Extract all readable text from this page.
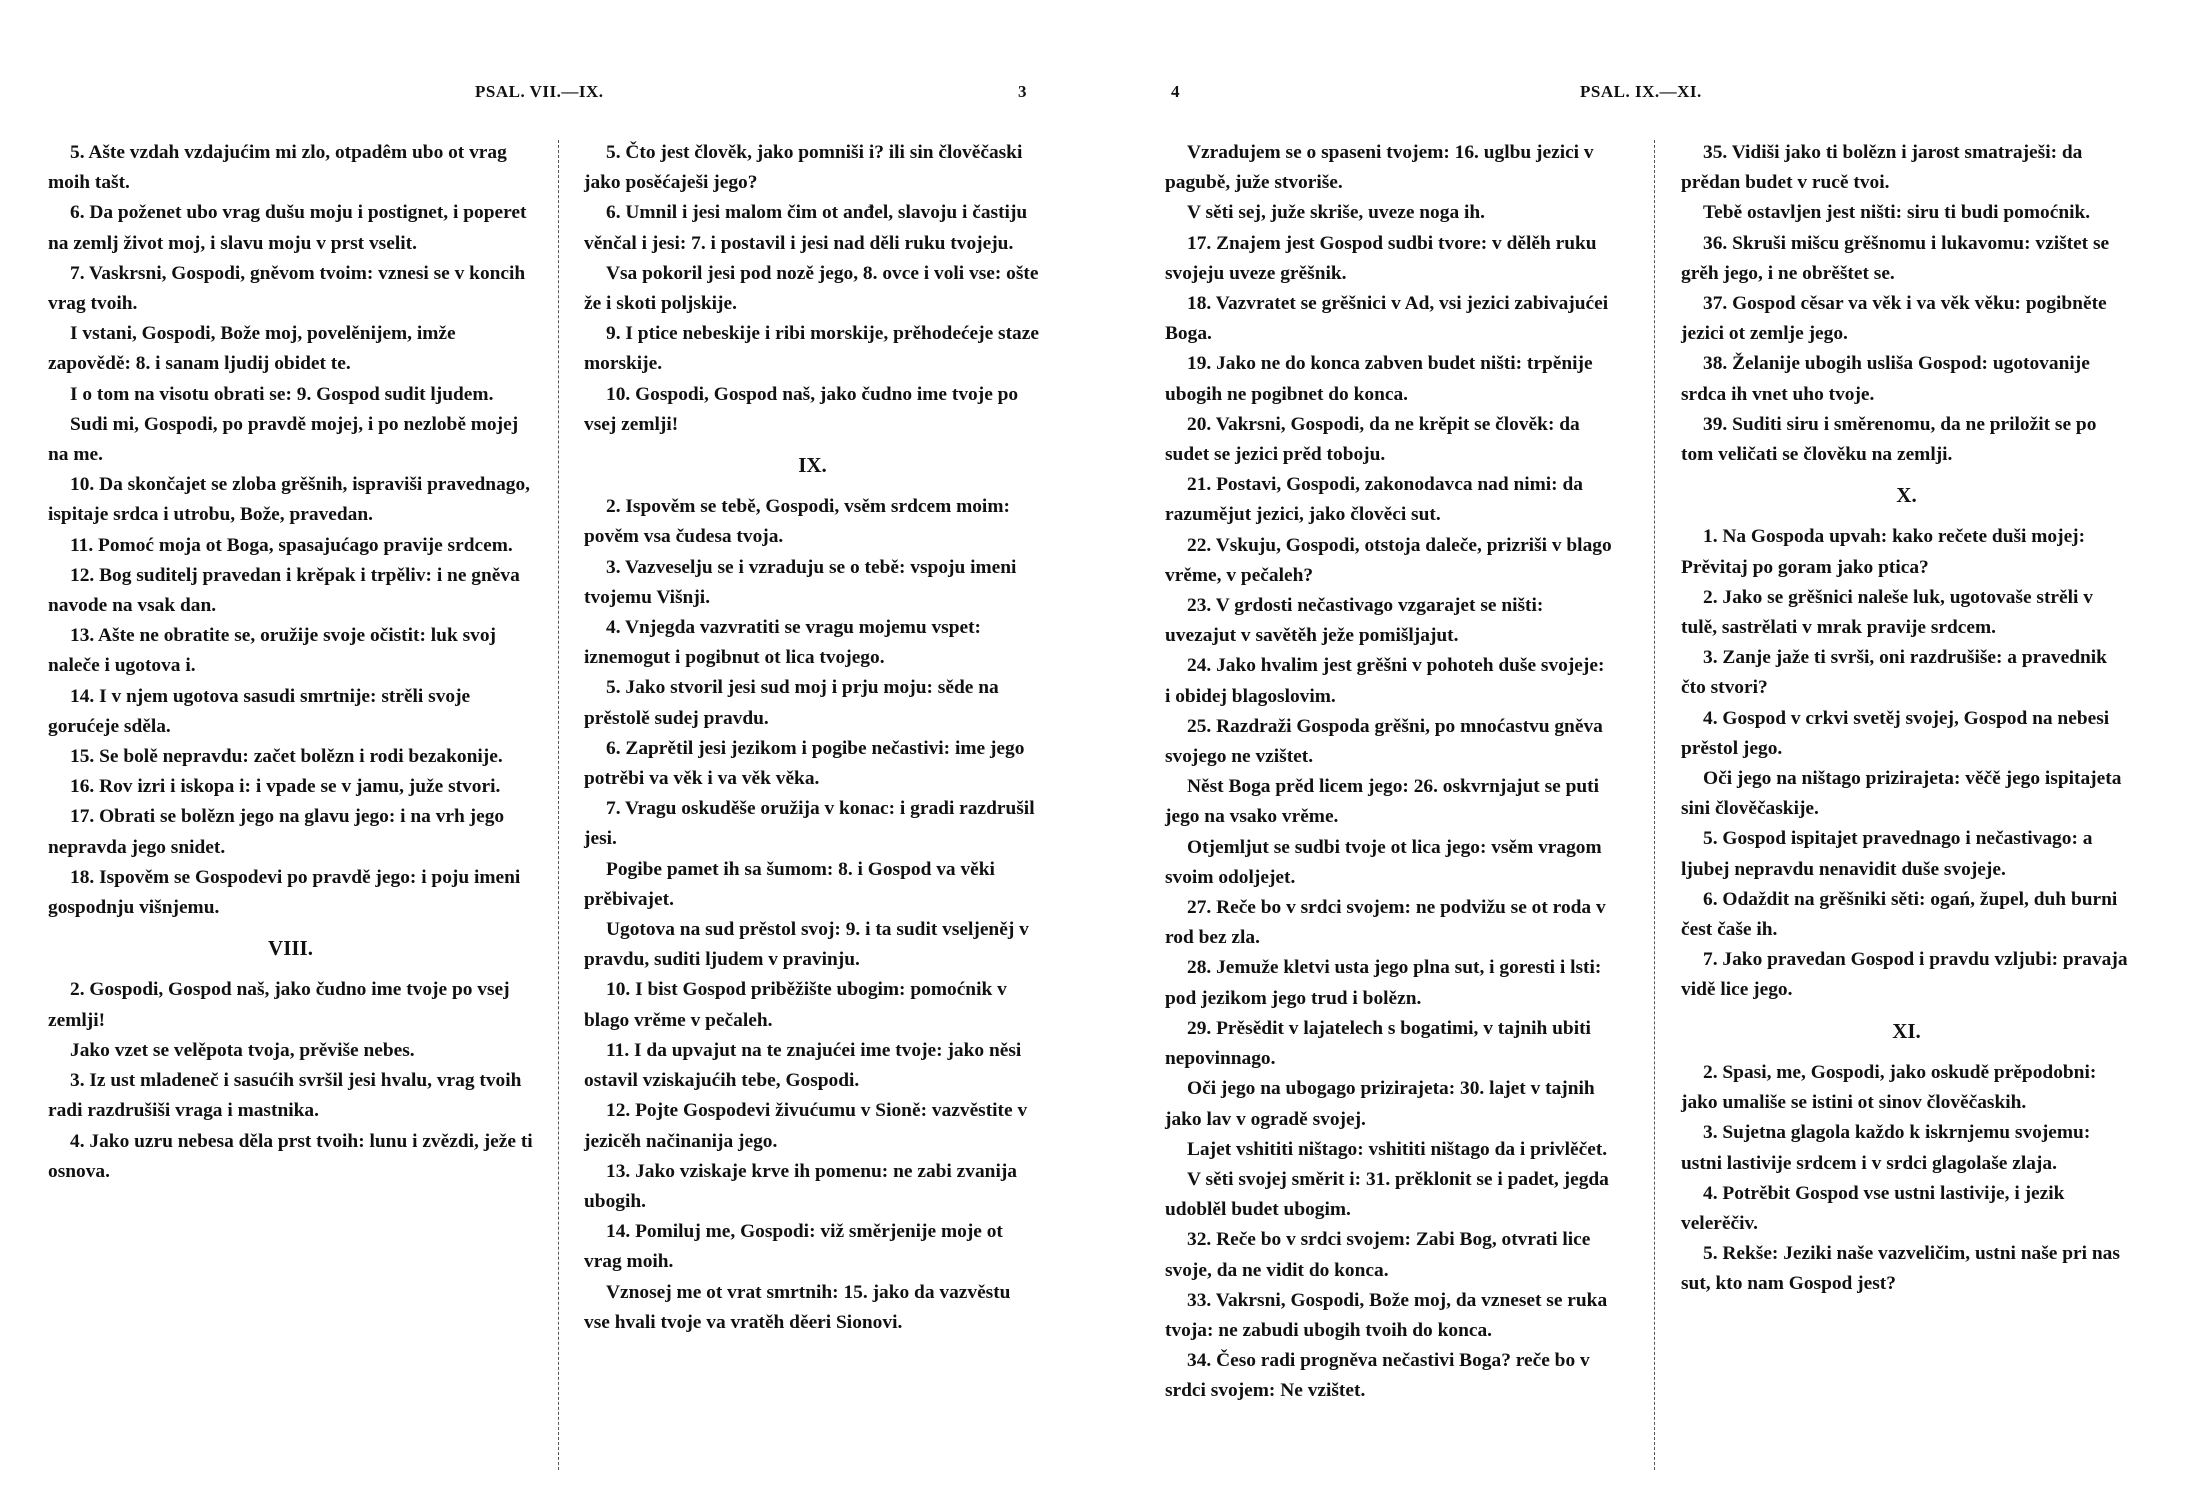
PSAL. VII.—IX.	3

5. Ašte vzdah vzdajućim mi zlo, otpadêm ubo ot vrag moih tašt.

6. Da poženet ubo vrag dušu moju i postignet, i poperet na zemlj život moj, i slavu moju v prst vselit.

7. Vaskrsni, Gospodi, gněvom tvoim: vznesi se v koncih vrag tvoih.

I vstani, Gospodi, Bože moj, povelěnijem, imže zapovědě: 8. i sanam ljudij obidet te.

I o tom na visotu obrati se: 9. Gospod sudit ljudem.

Sudi mi, Gospodi, po pravdě mojej, i po nezlobě mojej na me.

10. Da skončajet se zloba grěšnih, ispraviši pravednago, ispitaje srdca i utrobu, Bože, pravedan.

11. Pomoć moja ot Boga, spasajućago pravije srdcem.

12. Bog suditelj pravedan i krěpak i trpěliv: i ne gněva navode na vsak dan.

13. Ašte ne obratite se, oružije svoje očistit: luk svoj naleče i ugotova i.

14. I v njem ugotova sasudi smrtnije: strěli svoje gorućeje sděla.

15. Se bolě nepravdu: začet bolězn i rodi bezakonije.

16. Rov izri i iskopa i: i vpade se v jamu, juže stvori.

17. Obrati se bolězn jego na glavu jego: i na vrh jego nepravda jego snidet.

18. Ispověm se Gospodevi po pravdě jego: i poju imeni gospodnju višnjemu.

VIII.

2. Gospodi, Gospod naš, jako čudno ime tvoje po vsej zemlji!

Jako vzet se velěpota tvoja, prěviše nebes.

3. Iz ust mladeneč i sasućih svršil jesi hvalu, vrag tvoih radi razdrušiši vraga i mastnika.

4. Jako uzru nebesa děla prst tvoih: lunu i zvězdi, ježe ti osnova.

5. Čto jest člověk, jako pomniši i? ili sin člověčaski jako posěćaješi jego?

6. Umnil i jesi malom čim ot anđel, slavoju i častiju věnčal i jesi: 7. i postavil i jesi nad děli ruku tvojeju.

Vsa pokoril jesi pod nozě jego, 8. ovce i voli vse: ošte že i skoti poljskije.

9. I ptice nebeskije i ribi morskije, prěhodećeje staze morskije.

10. Gospodi, Gospod naš, jako čudno ime tvoje po vsej zemlji!

IX.

2. Ispověm se tebě, Gospodi, vsěm srdcem moim: pověm vsa čudesa tvoja.

3. Vazveselju se i vzraduju se o tebě: vspoju imeni tvojemu Višnji.

4. Vnjegda vazvratiti se vragu mojemu vspet: iznemogut i pogibnut ot lica tvojego.

5. Jako stvoril jesi sud moj i prju moju: sěde na prěstolě sudej pravdu.

6. Zaprětil jesi jezikom i pogibe nečastivi: ime jego potrěbi va věk i va věk věka.

7. Vragu oskuděše oružija v konac: i gradi razdrušil jesi.

Pogibe pamet ih sa šumom: 8. i Gospod va věki prěbivajet.

Ugotova na sud prěstol svoj: 9. i ta sudit vseljeněj v pravdu, suditi ljudem v pravinju.

10. I bist Gospod priběžište ubogim: pomoćnik v blago vrěme v pečaleh.

11. I da upvajut na te znajućei ime tvoje: jako něsi ostavil vziskajućih tebe, Gospodi.

12. Pojte Gospodevi živućumu v Sioně: vazvěstite v jezicěh načinanija jego.

13. Jako vziskaje krve ih pomenu: ne zabi zvanija ubogih.

14. Pomiluj me, Gospodi: viž směrjenije moje ot vrag moih.

Vznosej me ot vrat smrtnih: 15. jako da vazvěstu vse hvali tvoje va vratěh děeri Sionovi.

4	PSAL. IX.—XI.

Vzradujem se o spaseni tvojem: 16. uglbu jezici v pagubě, juže stvoriše.

V sěti sej, juže skriše, uveze noga ih.

17. Znajem jest Gospod sudbi tvore: v dělěh ruku svojeju uveze grěšnik.

18. Vazvratet se grěšnici v Ad, vsi jezici zabivajućei Boga.

19. Jako ne do konca zabven budet ništi: trpěnije ubogih ne pogibnet do konca.

20. Vakrsni, Gospodi, da ne krěpit se člověk: da sudet se jezici prěd toboju.

21. Postavi, Gospodi, zakonodavca nad nimi: da razumějut jezici, jako člověci sut.

22. Vskuju, Gospodi, otstoja daleče, prizriši v blago vrěme, v pečaleh?

23. V grdosti nečastivago vzgarajet se ništi: uvezajut v savětěh ježe pomišljajut.

24. Jako hvalim jest grěšni v pohoteh duše svojeje: i obidej blagoslovim.

25. Razdraži Gospoda grěšni, po mnoćastvu gněva svojego ne vzištet.

Něst Boga prěd licem jego: 26. oskvrnjajut se puti jego na vsako vrěme.

Otjemljut se sudbi tvoje ot lica jego: vsěm vragom svoim odoljejet.

27. Reče bo v srdci svojem: ne podvižu se ot roda v rod bez zla.

28. Jemuže kletvi usta jego plna sut, i goresti i lsti: pod jezikom jego trud i bolězn.

29. Prěsědit v lajatelech s bogatimi, v tajnih ubiti nepovinnago.

Oči jego na ubogago prizirajeta: 30. lajet v tajnih jako lav v ogradě svojej.

Lajet vshititi ništago: vshititi ništago da i privlěčet.

V sěti svojej směrit i: 31. prěklonit se i padet, jegda udoblěl budet ubogim.

32. Reče bo v srdci svojem: Zabi Bog, otvrati lice svoje, da ne vidit do konca.

33. Vakrsni, Gospodi, Bože moj, da vzneset se ruka tvoja: ne zabudi ubogih tvoih do konca.

34. Česo radi progněva nečastivi Boga? reče bo v srdci svojem: Ne vzištet.

35. Vidiši jako ti bolězn i jarost smatraješi: da prědan budet v rucě tvoi.

Tebě ostavljen jest ništi: siru ti budi pomoćnik.

36. Skruši mišcu grěšnomu i lukavomu: vzištet se grěh jego, i ne obrěštet se.

37. Gospod cěsar va věk i va věk věku: pogibněte jezici ot zemlje jego.

38. Želanije ubogih usliša Gospod: ugotovanije srdca ih vnet uho tvoje.

39. Suditi siru i směrenomu, da ne priložit se po tom veličati se člověku na zemlji.

X.

1. Na Gospoda upvah: kako rečete duši mojej: Prěvitaj po goram jako ptica?

2. Jako se grěšnici naleše luk, ugotovaše strěli v tulě, sastrělati v mrak pravije srdcem.

3. Zanje jaže ti svrši, oni razdrušiše: a pravednik čto stvori?

4. Gospod v crkvi svetěj svojej, Gospod na nebesi prěstol jego.

Oči jego na ništago prizirajeta: věčě jego ispitajeta sini člověčaskije.

5. Gospod ispitajet pravednago i nečastivago: a ljubej nepravdu nenavidit duše svojeje.

6. Odaždit na grěšniki sěti: ogań, župel, duh burni čest čaše ih.

7. Jako pravedan Gospod i pravdu vzljubi: pravaja vidě lice jego.

XI.

2. Spasi, me, Gospodi, jako oskudě prěpodobni: jako umališe se istini ot sinov člověčaskih.

3. Sujetna glagola každo k iskrnjemu svojemu: ustni lastivije srdcem i v srdci glagolaše zlaja.

4. Potrěbit Gospod vse ustni lastivije, i jezik velerěčiv.

5. Rekše: Jeziki naše vazveličim, ustni naše pri nas sut, kto nam Gospod jest?
